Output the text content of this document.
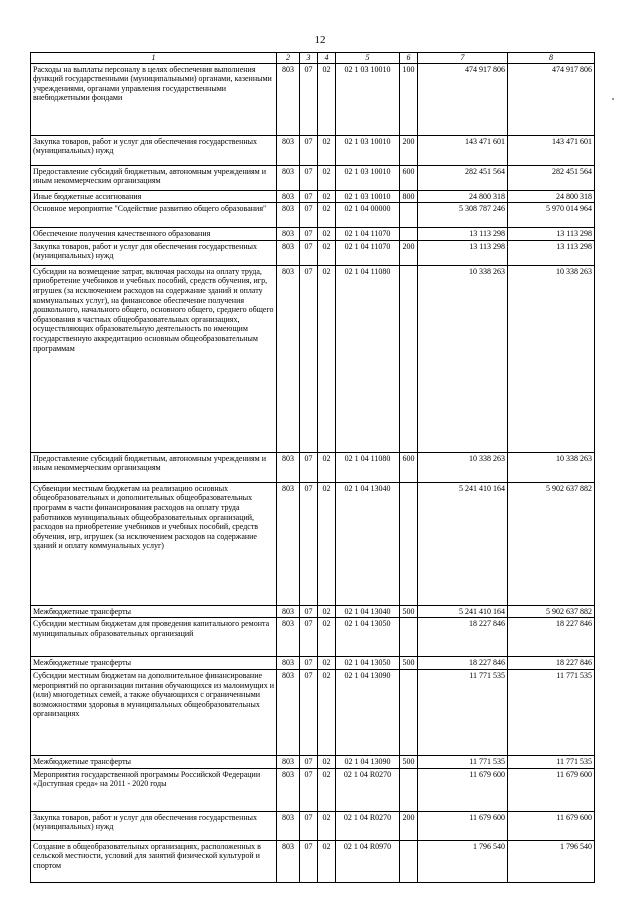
12
1	2	3	4	5	6	7	8
Расходы на выплаты персоналу в целях обеспечения выполнения функций государственными (муниципальными) органами, казенными учреждениями, органами управления государственными внебюджетными фондами	803	07	02	02 1 03 10010	100	474 917 806	474 917 806
Закупка товаров, работ и услуг для обеспечения государственных (муниципальных) нужд	803	07	02	02 1 03 10010	200	143 471 601	143 471 601
Предоставление субсидий бюджетным, автономным учреждениям и иным некоммерческим организациям	803	07	02	02 1 03 10010	600	282 451 564	282 451 564
Иные бюджетные ассигнования	803	07	02	02 1 03 10010	800	24 800 318	24 800 318
Основное мероприятие "Содействие развитию общего образования"	803	07	02	02 1 04 00000		5 308 787 246	5 970 014 964
Обеспечение получения качественного образования	803	07	02	02 1 04 11070		13 113 298	13 113 298
Закупка товаров, работ и услуг для обеспечения государственных (муниципальных) нужд	803	07	02	02 1 04 11070	200	13 113 298	13 113 298
Субсидии на возмещение затрат, включая расходы на оплату труда, приобретение учебников и учебных пособий, средств обучения, игр, игрушек (за исключением расходов на содержание зданий и оплату коммунальных услуг), на финансовое обеспечение получения дошкольного, начального общего, основного общего, среднего общего образования в частных общеобразовательных организациях, осуществляющих образовательную деятельность по имеющим государственную аккредитацию основным общеобразовательным программам	803	07	02	02 1 04 11080		10 338 263	10 338 263
Предоставление субсидий бюджетным, автономным учреждениям и иным некоммерческим организациям	803	07	02	02 1 04 11080	600	10 338 263	10 338 263
Субвенции местным бюджетам на реализацию основных общеобразовательных и дополнительных общеобразовательных программ в части финансирования расходов на оплату труда работников муниципальных общеобразовательных организаций, расходов на приобретение учебников и учебных пособий, средств обучения, игр, игрушек (за исключением расходов на содержание зданий и оплату коммунальных услуг)	803	07	02	02 1 04 13040		5 241 410 164	5 902 637 882
Межбюджетные трансферты	803	07	02	02 1 04 13040	500	5 241 410 164	5 902 637 882
Субсидии местным бюджетам для проведения капитального ремонта муниципальных образовательных организаций	803	07	02	02 1 04 13050		18 227 846	18 227 846
Межбюджетные трансферты	803	07	02	02 1 04 13050	500	18 227 846	18 227 846
Субсидии местным бюджетам на дополнительное финансирование мероприятий по организации питания обучающихся из малоимущих и (или) многодетных семей, а также обучающихся с ограниченными возможностями здоровья в муниципальных общеобразовательных организациях	803	07	02	02 1 04 13090		11 771 535	11 771 535
Межбюджетные трансферты	803	07	02	02 1 04 13090	500	11 771 535	11 771 535
Мероприятия государственной программы Российской Федерации «Доступная среда» на 2011 - 2020 годы	803	07	02	02 1 04 R0270		11 679 600	11 679 600
Закупка товаров, работ и услуг для обеспечения государственных (муниципальных) нужд	803	07	02	02 1 04 R0270	200	11 679 600	11 679 600
Создание в общеобразовательных организациях, расположенных в сельской местности, условий для занятий физической культурой и спортом	803	07	02	02 1 04 R0970		1 796 540	1 796 540
